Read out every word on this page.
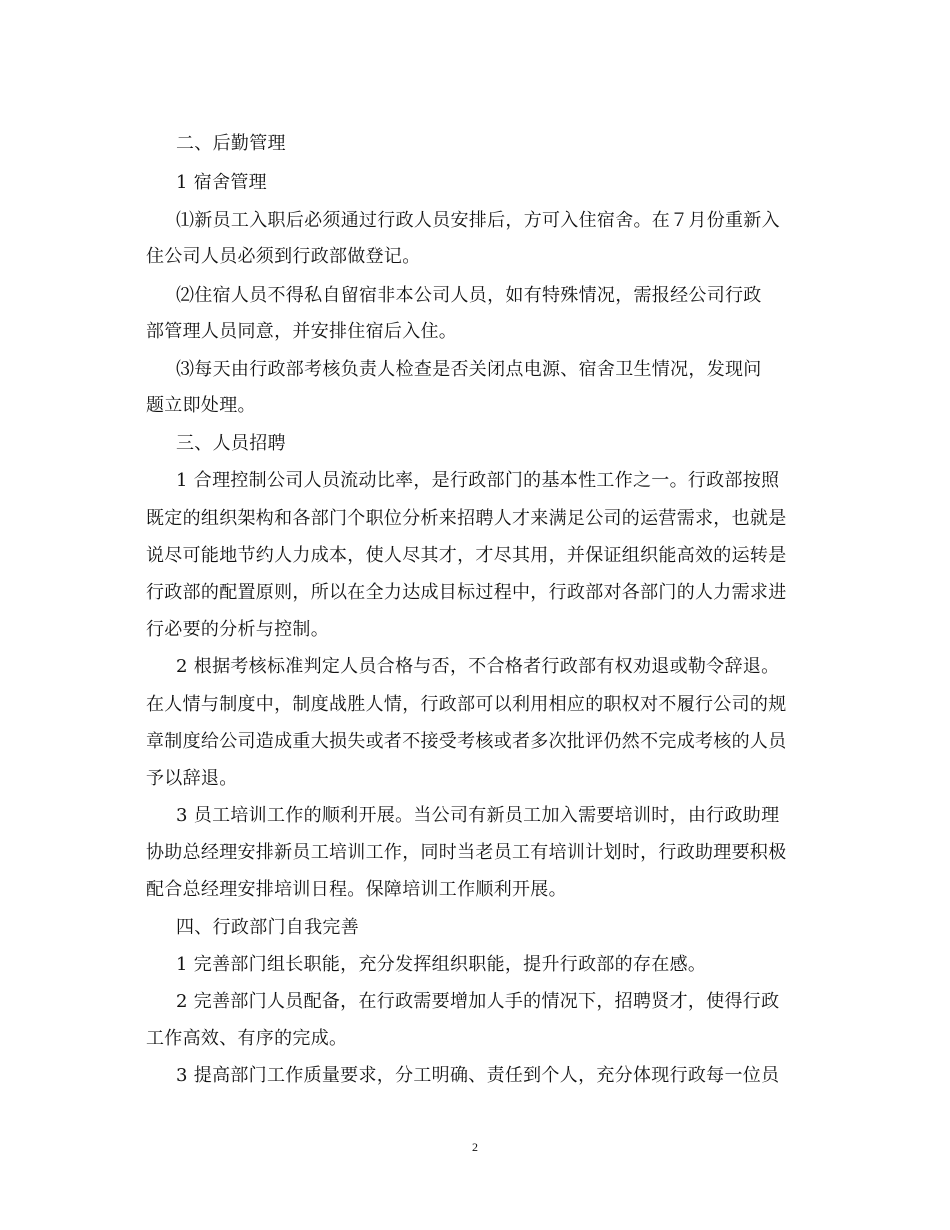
二、后勤管理
1 宿舍管理
⑴新员工入职后必须通过行政人员安排后，方可入住宿舍。在７月份重新入
住公司人员必须到行政部做登记。
⑵住宿人员不得私自留宿非本公司人员，如有特殊情况，需报经公司行政
部管理人员同意，并安排住宿后入住。
⑶每天由行政部考核负责人检查是否关闭点电源、宿舍卫生情况，发现问
题立即处理。
三、人员招聘
1 合理控制公司人员流动比率，是行政部门的基本性工作之一。行政部按照
既定的组织架构和各部门个职位分析来招聘人才来满足公司的运营需求，也就是
说尽可能地节约人力成本，使人尽其才，才尽其用，并保证组织能高效的运转是
行政部的配置原则，所以在全力达成目标过程中，行政部对各部门的人力需求进
行必要的分析与控制。
2 根据考核标准判定人员合格与否，不合格者行政部有权劝退或勒令辞退。
在人情与制度中，制度战胜人情，行政部可以利用相应的职权对不履行公司的规
章制度给公司造成重大损失或者不接受考核或者多次批评仍然不完成考核的人员
予以辞退。
3 员工培训工作的顺利开展。当公司有新员工加入需要培训时，由行政助理
协助总经理安排新员工培训工作，同时当老员工有培训计划时，行政助理要积极
配合总经理安排培训日程。保障培训工作顺利开展。
四、行政部门自我完善
1 完善部门组长职能，充分发挥组织职能，提升行政部的存在感。
2 完善部门人员配备，在行政需要增加人手的情况下，招聘贤才，使得行政
工作高效、有序的完成。
3 提高部门工作质量要求，分工明确、责任到个人，充分体现行政每一位员
2
